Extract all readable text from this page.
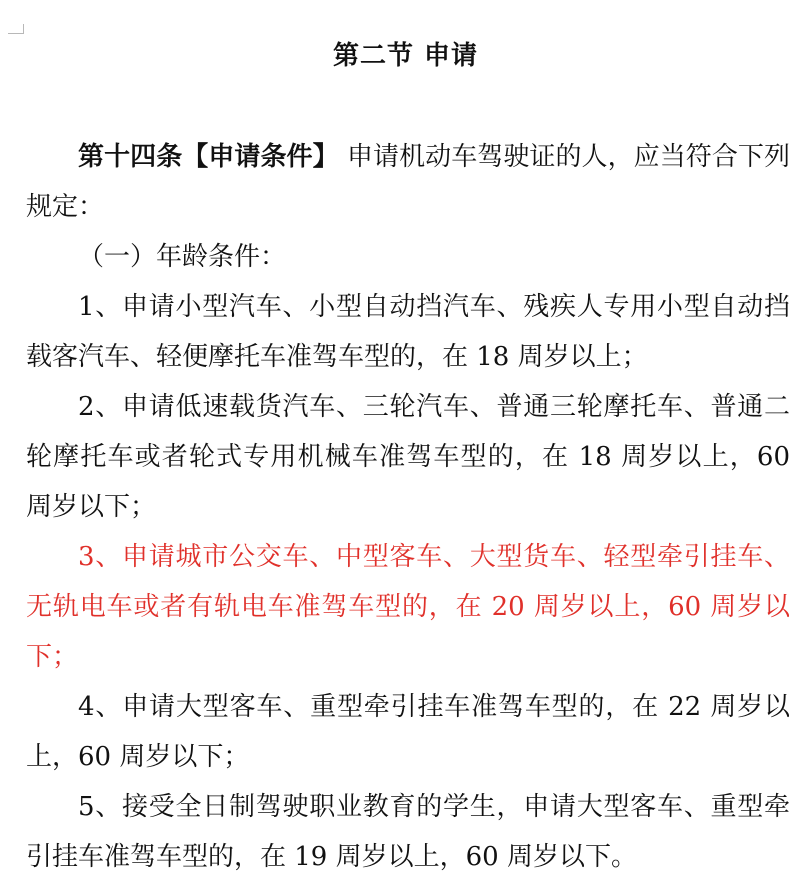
第二节 申请

第十四条【申请条件】 申请机动车驾驶证的人，应当符合下列规定：

（一）年龄条件：

1、申请小型汽车、小型自动挡汽车、残疾人专用小型自动挡载客汽车、轻便摩托车准驾车型的，在 18 周岁以上；

2、申请低速载货汽车、三轮汽车、普通三轮摩托车、普通二轮摩托车或者轮式专用机械车准驾车型的，在 18 周岁以上，60 周岁以下；

3、申请城市公交车、中型客车、大型货车、轻型牵引挂车、无轨电车或者有轨电车准驾车型的，在 20 周岁以上，60 周岁以下；

4、申请大型客车、重型牵引挂车准驾车型的，在 22 周岁以上，60 周岁以下；

5、接受全日制驾驶职业教育的学生，申请大型客车、重型牵引挂车准驾车型的，在 19 周岁以上，60 周岁以下。
